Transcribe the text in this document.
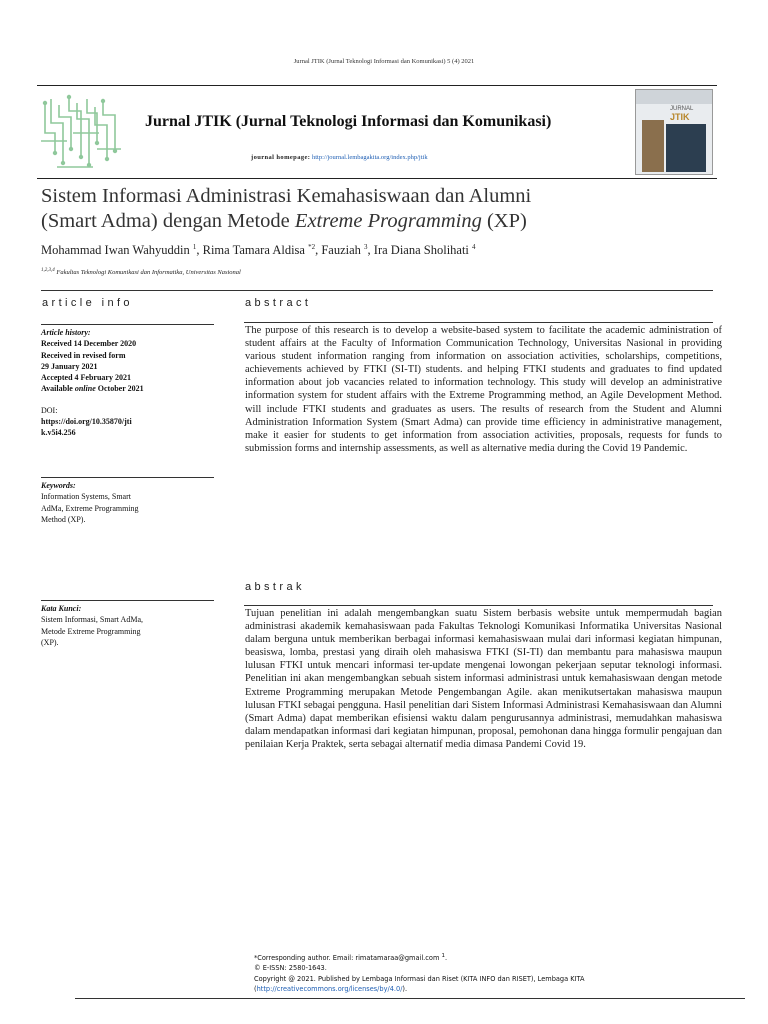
Jurnal JTIK (Jurnal Teknologi Informasi dan Komunikasi) 5 (4) 2021
Jurnal JTIK (Jurnal Teknologi Informasi dan Komunikasi)
journal homepage: http://journal.lembagakita.org/index.php/jtik
JURNAL
JTIK
Sistem Informasi Administrasi Kemahasiswaan dan Alumni
(Smart Adma) dengan Metode Extreme Programming (XP)
Mohammad Iwan Wahyuddin $^1$, Rima Tamara Aldisa $^{*2}$, Fauziah $^3$, Ira Diana Sholihati $^4$
$^{1,2,3,4}$ Fakultas Teknologi Komunikasi dan Informatika, Universitas Nasional
article info	abstract
Article history:
Received 14 December 2020
Received in revised form
29 January 2021
Accepted 4 February 2021
Available online October 2021
DOI:
https://doi.org/10.35870/jti
k.v5i4.256
Keywords:
Information Systems, Smart
AdMa, Extreme Programming
Method (XP).
Kata Kunci:
Sistem Informasi, Smart AdMa,
Metode Extreme Programming
(XP).
The purpose of this research is to develop a website-based system to facilitate the academic administration of student affairs at the Faculty of Information Communication Technology, Universitas Nasional in providing various student information ranging from information on association activities, scholarships, competitions, achievements achieved by FTKI (SI-TI) students. and helping FTKI students and graduates to find updated information about job vacancies related to information technology. This study will develop an administrative information system for student affairs with the Extreme Programming method, an Agile Development Method. will include FTKI students and graduates as users. The results of research from the Student and Alumni Administration Information System (Smart Adma) can provide time efficiency in administrative management, make it easier for students to get information from association activities, proposals, requests for funds to submission forms and internship assessments, as well as alternative media during the Covid 19 Pandemic.
abstrak
Tujuan penelitian ini adalah mengembangkan suatu Sistem berbasis website untuk mempermudah bagian administrasi akademik kemahasiswaan pada Fakultas Teknologi Komunikasi Informatika Universitas Nasional dalam berguna untuk memberikan berbagai informasi kemahasiswaan mulai dari informasi kegiatan himpunan, beasiswa, lomba, prestasi yang diraih oleh mahasiswa FTKI (SI-TI) dan membantu para mahasiswa maupun lulusan FTKI untuk mencari informasi ter-update mengenai lowongan pekerjaan seputar teknologi informasi. Penelitian ini akan mengembangkan sebuah sistem informasi administrasi untuk kemahasiswaan dengan metode Extreme Programming merupakan Metode Pengembangan Agile. akan menikutsertakan mahasiswa maupun lulusan FTKI sebagai pengguna. Hasil penelitian dari Sistem Informasi Administrasi Kemahasiswaan dan Alumni (Smart Adma) dapat memberikan efisiensi waktu dalam pengurusannya administrasi, memudahkan mahasiswa dalam mendapatkan informasi dari kegiatan himpunan, proposal, pemohonan dana hingga formulir pengajuan dan penilaian Kerja Praktek, serta sebagai alternatif media dimasa Pandemi Covid 19.
*Corresponding author. Email: rimatamaraa@gmail.com $^1$.
© E-ISSN: 2580-1643.
Copyright @ 2021. Published by Lembaga Informasi dan Riset (KITA INFO dan RISET), Lembaga KITA
(http://creativecommons.org/licenses/by/4.0/).
